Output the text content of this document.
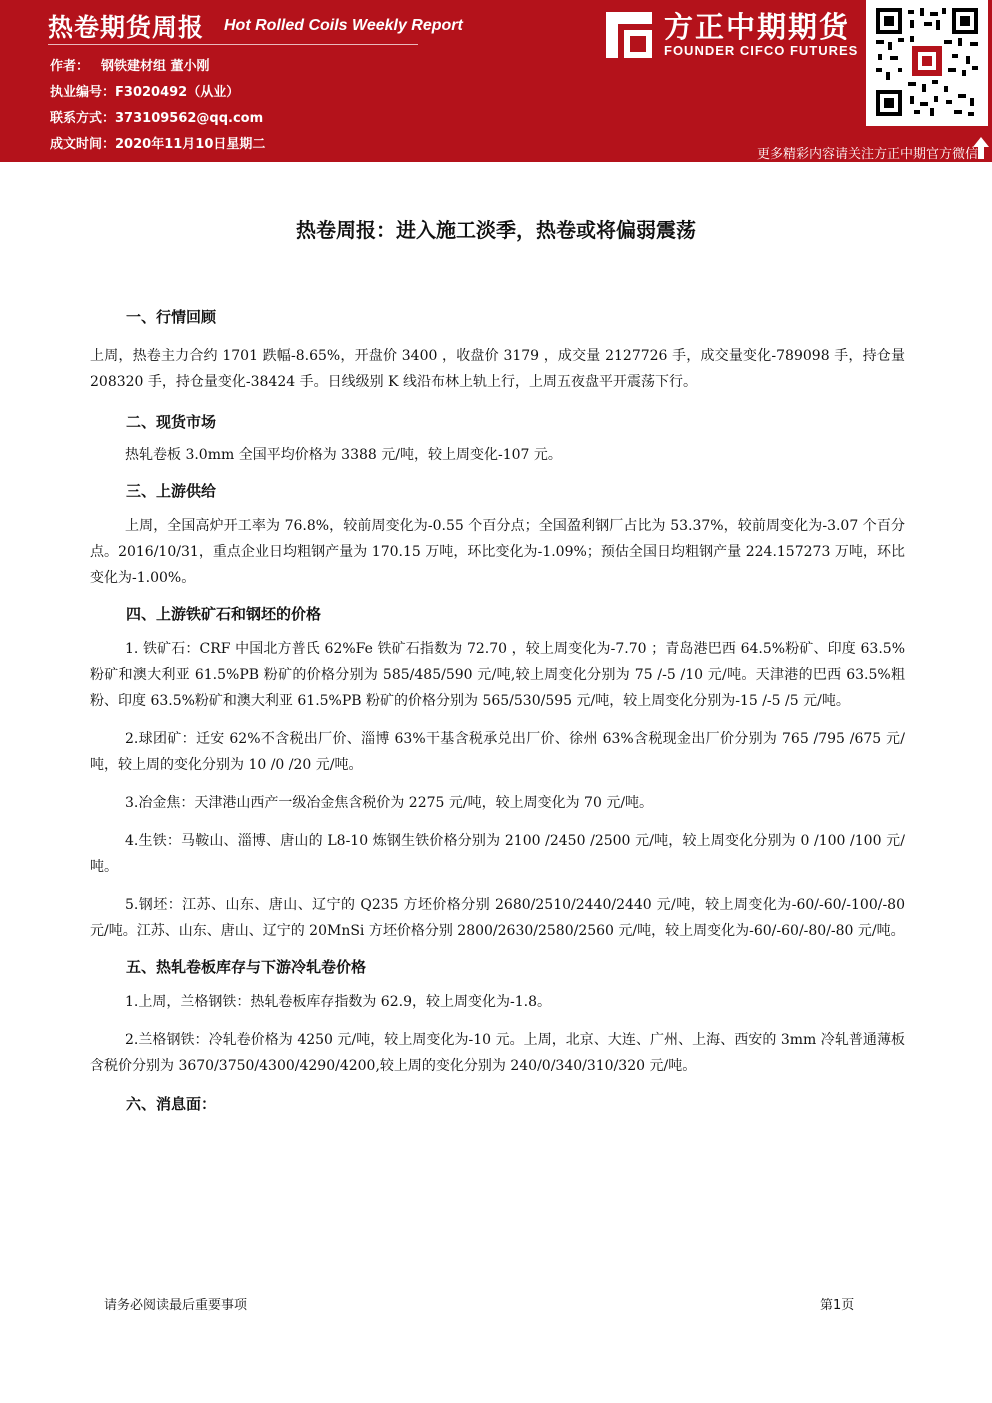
热卷期货周报 Hot Rolled Coils Weekly Report
作者： 钢铁建材组 董小刚
执业编号：F3020492（从业）
联系方式：373109562@qq.com
成文时间：2020年11月10日星期二
方正中期期货
FOUNDER CIFCO FUTURES
更多精彩内容请关注方正中期官方微信
热卷周报：进入施工淡季，热卷或将偏弱震荡
一、行情回顾

上周，热卷主力合约 1701 跌幅-8.65%，开盘价 3400 ，收盘价 3179 ，成交量 2127726 手，成交量变化-789098 手，持仓量 208320 手，持仓量变化-38424 手。日线级别 K 线沿布林上轨上行，上周五夜盘平开震荡下行。

二、现货市场

热轧卷板 3.0mm 全国平均价格为 3388 元/吨，较上周变化-107 元。

三、上游供给

上周，全国高炉开工率为 76.8%，较前周变化为-0.55 个百分点；全国盈利钢厂占比为 53.37%，较前周变化为-3.07 个百分点。2016/10/31，重点企业日均粗钢产量为 170.15 万吨，环比变化为-1.09%；预估全国日均粗钢产量 224.157273 万吨，环比变化为-1.00%。

四、上游铁矿石和钢坯的价格

1. 铁矿石：CRF 中国北方普氏 62%Fe 铁矿石指数为 72.70 ，较上周变化为-7.70 ；青岛港巴西 64.5%粉矿、印度 63.5%粉矿和澳大利亚 61.5%PB 粉矿的价格分别为 585/485/590 元/吨,较上周变化分别为 75 /-5 /10 元/吨。天津港的巴西 63.5%粗粉、印度 63.5%粉矿和澳大利亚 61.5%PB 粉矿的价格分别为 565/530/595 元/吨，较上周变化分别为-15 /-5 /5 元/吨。

2.球团矿：迁安 62%不含税出厂价、淄博 63%干基含税承兑出厂价、徐州 63%含税现金出厂价分别为 765 /795 /675 元/吨，较上周的变化分别为 10 /0 /20 元/吨。

3.冶金焦：天津港山西产一级冶金焦含税价为 2275 元/吨，较上周变化为 70 元/吨。

4.生铁：马鞍山、淄博、唐山的 L8-10 炼钢生铁价格分别为 2100 /2450 /2500 元/吨，较上周变化分别为 0 /100 /100 元/吨。

5.钢坯：江苏、山东、唐山、辽宁的 Q235 方坯价格分别 2680/2510/2440/2440 元/吨，较上周变化为-60/-60/-100/-80 元/吨。江苏、山东、唐山、辽宁的 20MnSi 方坯价格分别 2800/2630/2580/2560 元/吨，较上周变化为-60/-60/-80/-80 元/吨。

五、热轧卷板库存与下游冷轧卷价格

1.上周，兰格钢铁：热轧卷板库存指数为 62.9，较上周变化为-1.8。

2.兰格钢铁：冷轧卷价格为 4250 元/吨，较上周变化为-10 元。上周，北京、大连、广州、上海、西安的 3mm 冷轧普通薄板含税价分别为 3670/3750/4300/4290/4200,较上周的变化分别为 240/0/340/310/320 元/吨。

六、消息面：
请务必阅读最后重要事项	第1页
